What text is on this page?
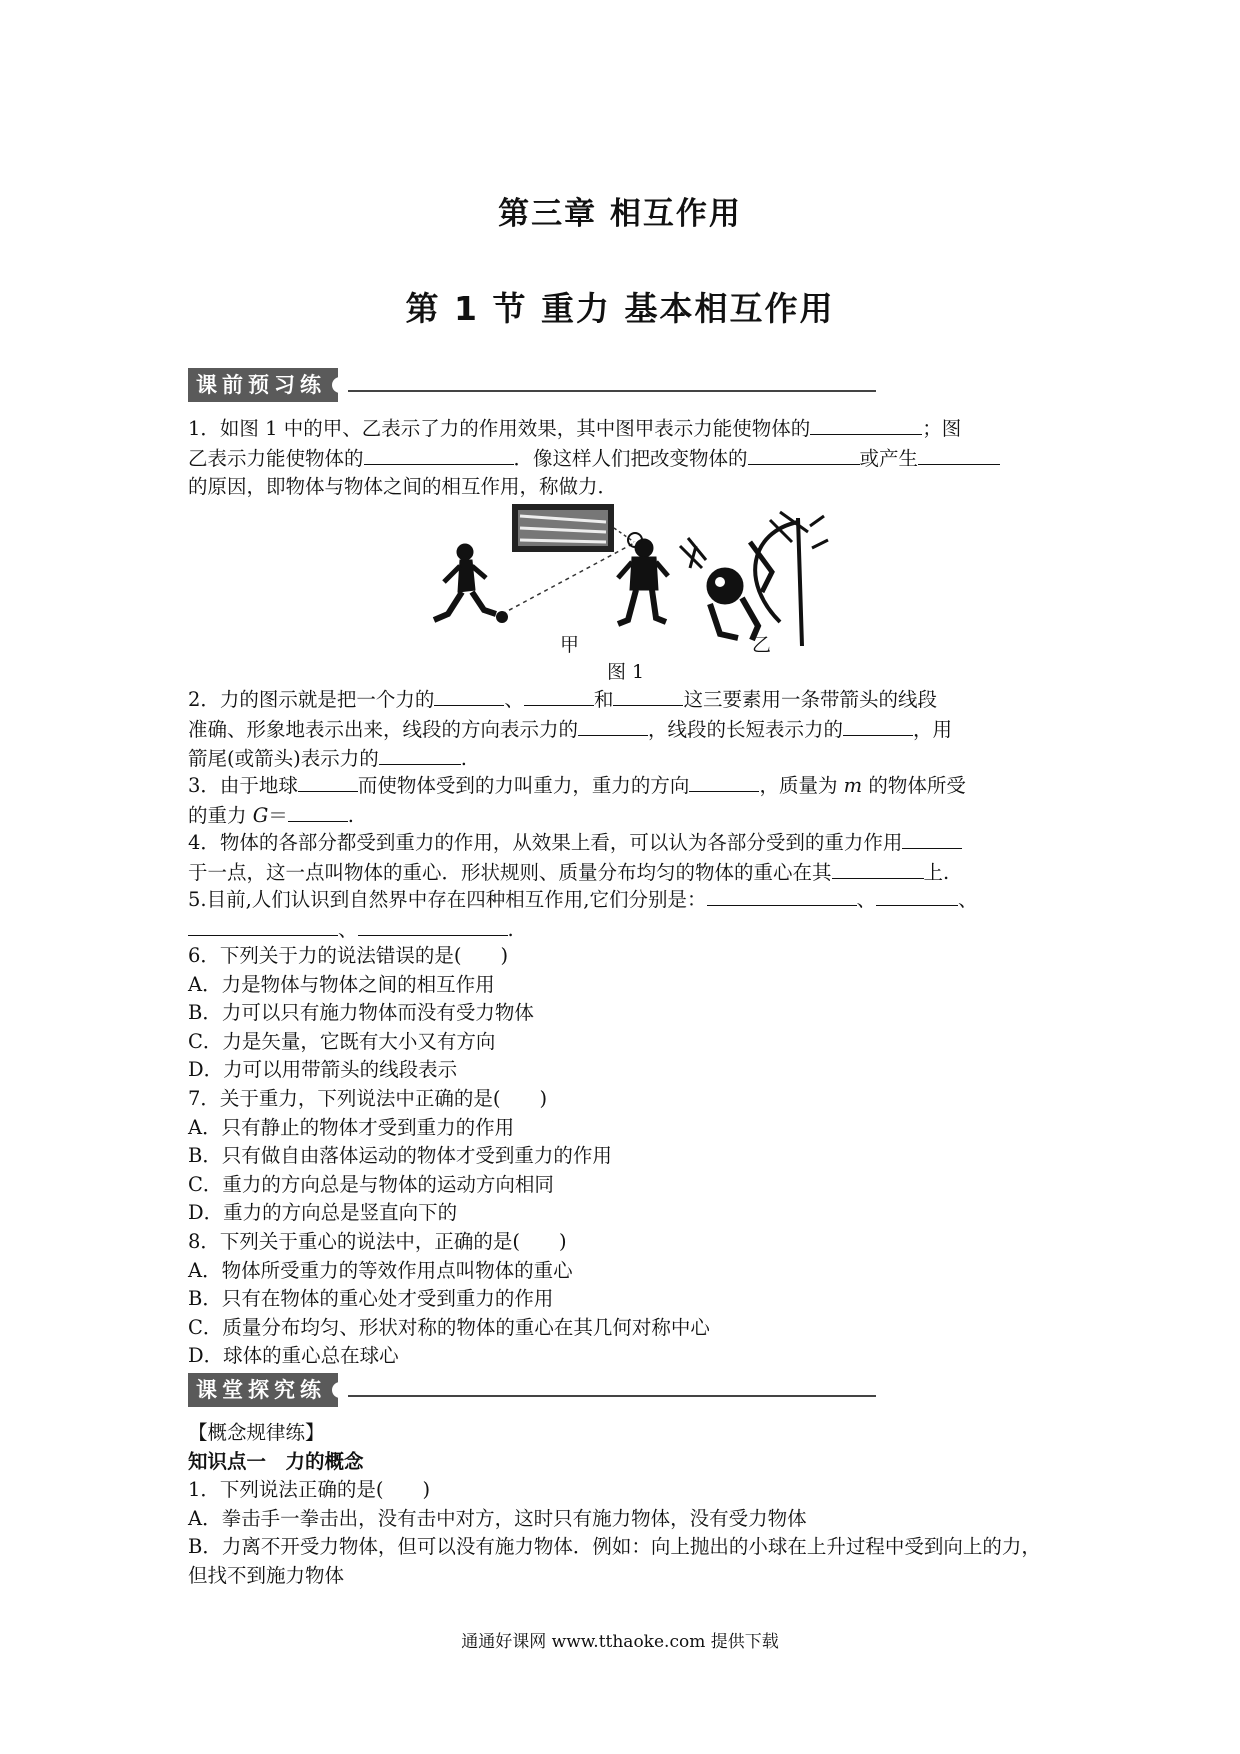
第三章 相互作用
第 1 节 重力 基本相互作用
课前预习练

1．如图 1 中的甲、乙表示了力的作用效果，其中图甲表示力能使物体的	；图

乙表示力能使物体的	．像这样人们把改变物体的	或产生

的原因，即物体与物体之间的相互作用，称做力．

甲	乙
图 1

2．力的图示就是把一个力的	、	和	这三要素用一条带箭头的线段

准确、形象地表示出来，线段的方向表示力的	，线段的长短表示力的	，用

箭尾(或箭头)表示力的	.

3．由于地球	而使物体受到的力叫重力，重力的方向	，质量为 m 的物体所受

的重力 G＝	.

4．物体的各部分都受到重力的作用，从效果上看，可以认为各部分受到的重力作用

于一点，这一点叫物体的重心．形状规则、质量分布均匀的物体的重心在其	上.

5.目前,人们认识到自然界中存在四种相互作用,它们分别是：	、	、

、	.

6．下列关于力的说法错误的是(　　)

A．力是物体与物体之间的相互作用

B．力可以只有施力物体而没有受力物体

C．力是矢量，它既有大小又有方向

D．力可以用带箭头的线段表示

7．关于重力，下列说法中正确的是(　　)

A．只有静止的物体才受到重力的作用

B．只有做自由落体运动的物体才受到重力的作用

C．重力的方向总是与物体的运动方向相同

D．重力的方向总是竖直向下的

8．下列关于重心的说法中，正确的是(　　)

A．物体所受重力的等效作用点叫物体的重心

B．只有在物体的重心处才受到重力的作用

C．质量分布均匀、形状对称的物体的重心在其几何对称中心

D．球体的重心总在球心

课堂探究练

【概念规律练】

知识点一　力的概念

1．下列说法正确的是(　　)

A．拳击手一拳击出，没有击中对方，这时只有施力物体，没有受力物体

B．力离不开受力物体，但可以没有施力物体．例如：向上抛出的小球在上升过程中受到向上的力，但找不到施力物体

通通好课网 www.tthaoke.com 提供下载
